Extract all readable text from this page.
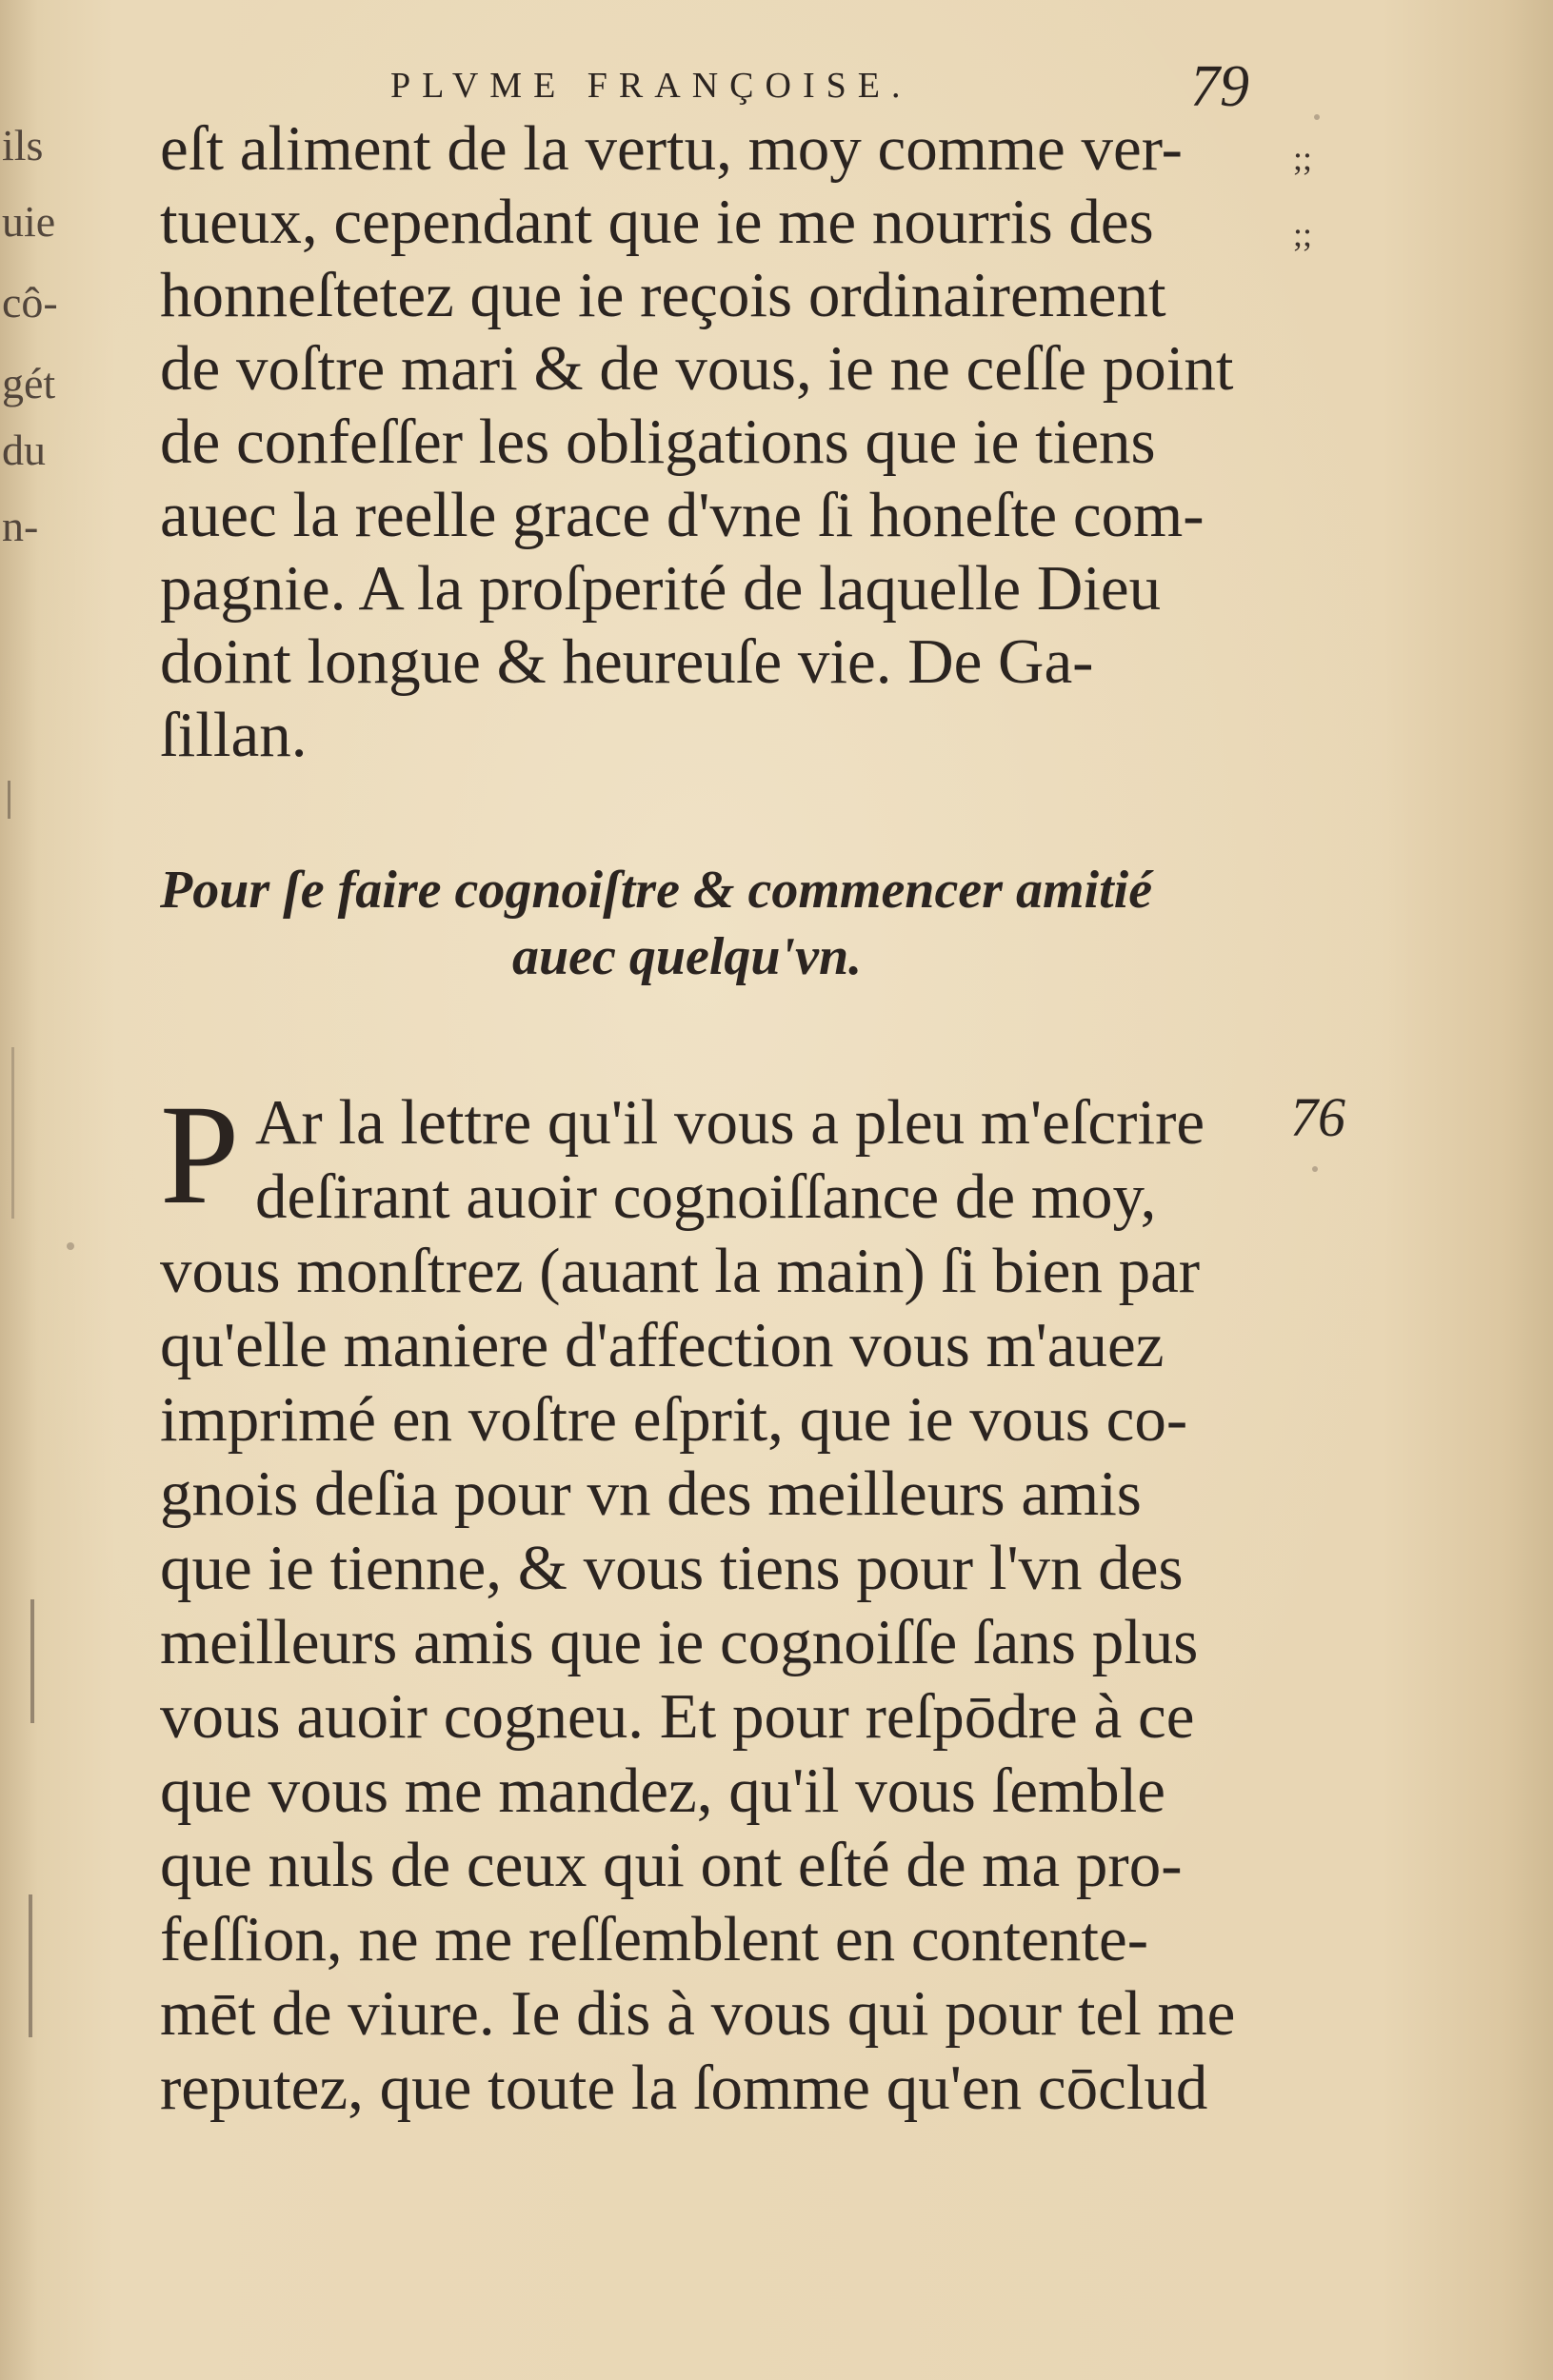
ils
uie
cô-
gét
du
n-
PLVME FRANÇOISE.	79
eſt aliment de la vertu, moy comme ver-
tueux, cependant que ie me nourris des
honneſtetez que ie reçois ordinairement
de voſtre mari & de vous, ie ne ceſſe point
de confeſſer les obligations que ie tiens
auec la reelle grace d'vne ſi honeſte com-
pagnie. A la proſperité de laquelle Dieu
doint longue & heureuſe vie. De Ga-
ſillan.
;;
;;
Pour ſe faire cognoiſtre & commencer amitié
auec quelqu'vn.
P Ar la lettre qu'il vous a pleu m'eſcrire
deſirant auoir cognoiſſance de moy,
vous monſtrez (auant la main) ſi bien par
qu'elle maniere d'affection vous m'auez
imprimé en voſtre eſprit, que ie vous co-
gnois deſia pour vn des meilleurs amis
que ie tienne, & vous tiens pour l'vn des
meilleurs amis que ie cognoiſſe ſans plus
vous auoir cogneu. Et pour reſpōdre à ce
que vous me mandez, qu'il vous ſemble
que nuls de ceux qui ont eſté de ma pro-
feſſion, ne me reſſemblent en contente-
mēt de viure. Ie dis à vous qui pour tel me
reputez, que toute la ſomme qu'en cōclud
76
